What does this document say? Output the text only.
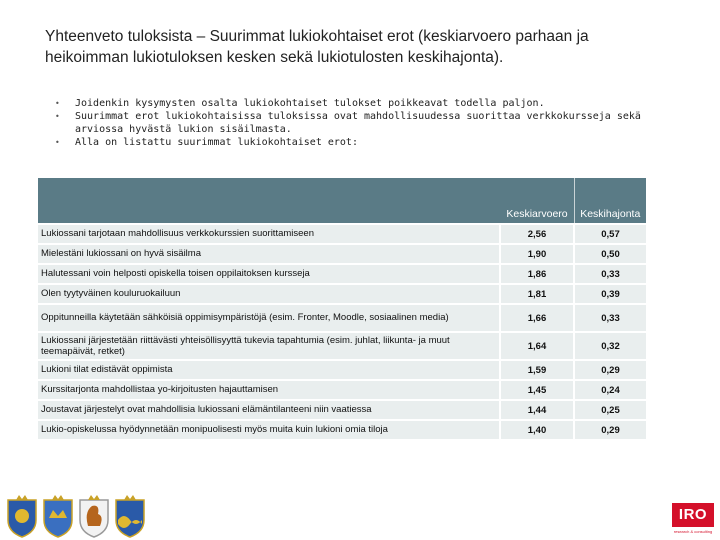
Yhteenveto tuloksista – Suurimmat lukiokohtaiset erot (keskiarvoero parhaan ja heikoimman lukiotuloksen kesken sekä lukiotulosten keskihajonta).
• Joidenkin kysymysten osalta lukiokohtaiset tulokset poikkeavat todella paljon.
• Suurimmat erot lukiokohtaisissa tuloksissa ovat mahdollisuudessa suorittaa verkkokursseja sekä arviossa hyvästä lukion sisäilmasta.
• Alla on listattu suurimmat lukiokohtaiset erot:
	Keskiarvoero	Keskihajonta
Lukiossani tarjotaan mahdollisuus verkkokurssien suorittamiseen	2,56	0,57
Mielestäni lukiossani on hyvä sisäilma	1,90	0,50
Halutessani voin helposti opiskella toisen oppilaitoksen kursseja	1,86	0,33
Olen tyytyväinen kouluruokailuun	1,81	0,39
Oppitunneilla käytetään sähköisiä oppimisympäristöjä (esim. Fronter, Moodle, sosiaalinen media)	1,66	0,33
Lukiossani järjestetään riittävästi yhteisöllisyyttä tukevia tapahtumia (esim. juhlat, liikunta- ja muut teemapäivät, retket)	1,64	0,32
Lukioni tilat edistävät oppimista	1,59	0,29
Kurssitarjonta mahdollistaa yo-kirjoitusten hajauttamisen	1,45	0,24
Joustavat järjestelyt ovat mahdollisia lukiossani elämäntilanteeni niin vaatiessa	1,44	0,25
Lukio-opiskelussa hyödynnetään monipuolisesti myös muita kuin lukioni omia tiloja	1,40	0,29
IRO
research & consulting
